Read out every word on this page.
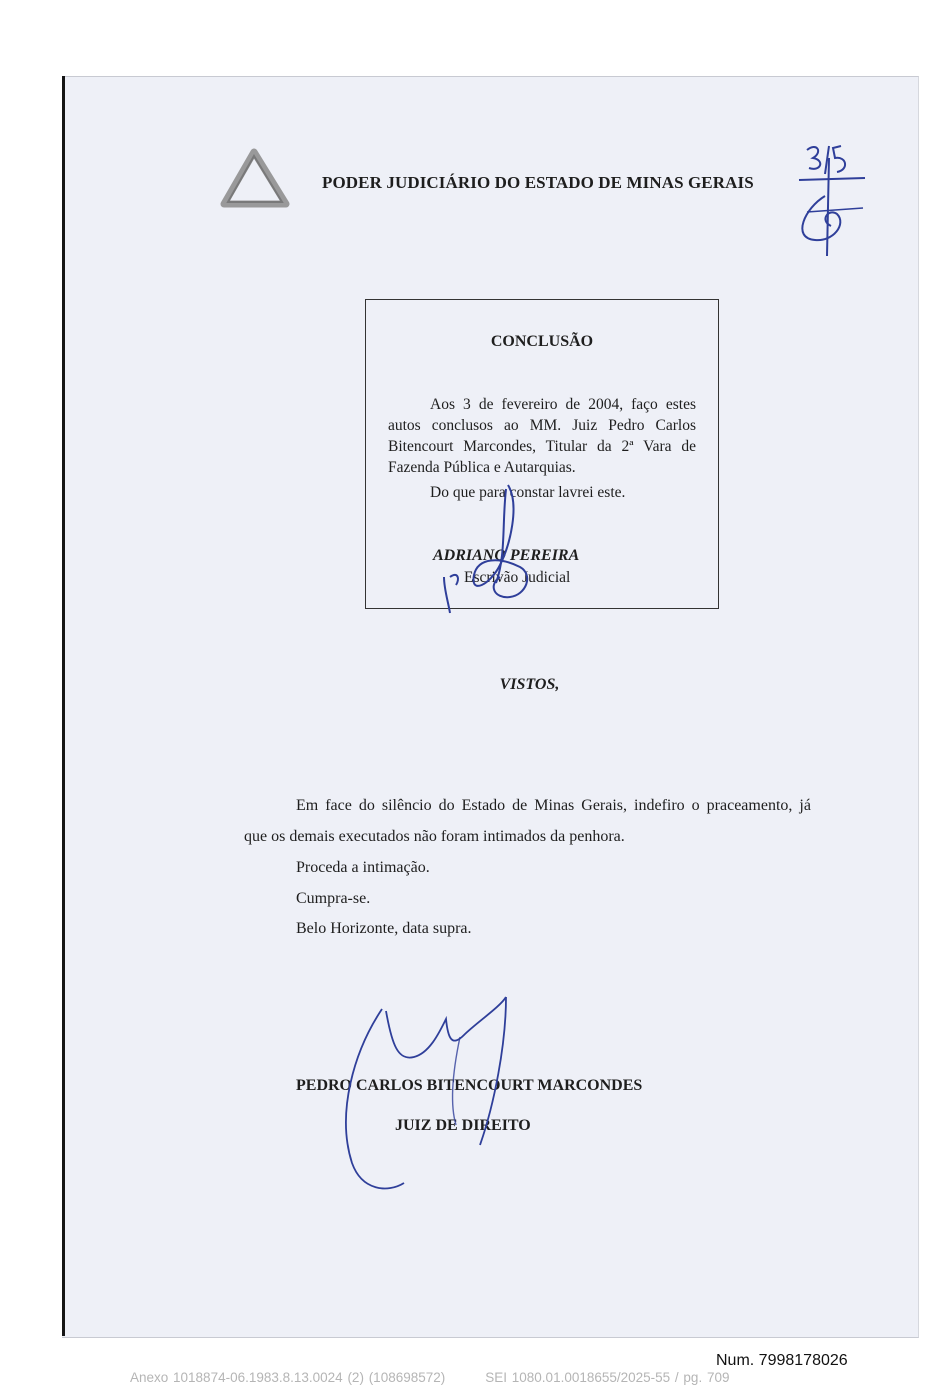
PODER JUDICIÁRIO DO ESTADO DE MINAS GERAIS
CONCLUSÃO
Aos 3 de fevereiro de 2004, faço estes autos conclusos ao MM. Juiz Pedro Carlos Bitencourt Marcondes, Titular da 2ª Vara de Fazenda Pública e Autarquias.
Do que para constar lavrei este.
ADRIANO PEREIRA
Escrivão Judicial
VISTOS,
Em face do silêncio do Estado de Minas Gerais, indefiro o praceamento, já
que os demais executados não foram intimados da penhora.
Proceda a intimação.
Cumpra-se.
Belo Horizonte, data supra.
PEDRO CARLOS BITENCOURT MARCONDES
JUIZ DE DIREITO
Num. 7998178026
Anexo 1018874-06.1983.8.13.0024 (2) (108698572)	SEI 1080.01.0018655/2025-55 / pg. 709
